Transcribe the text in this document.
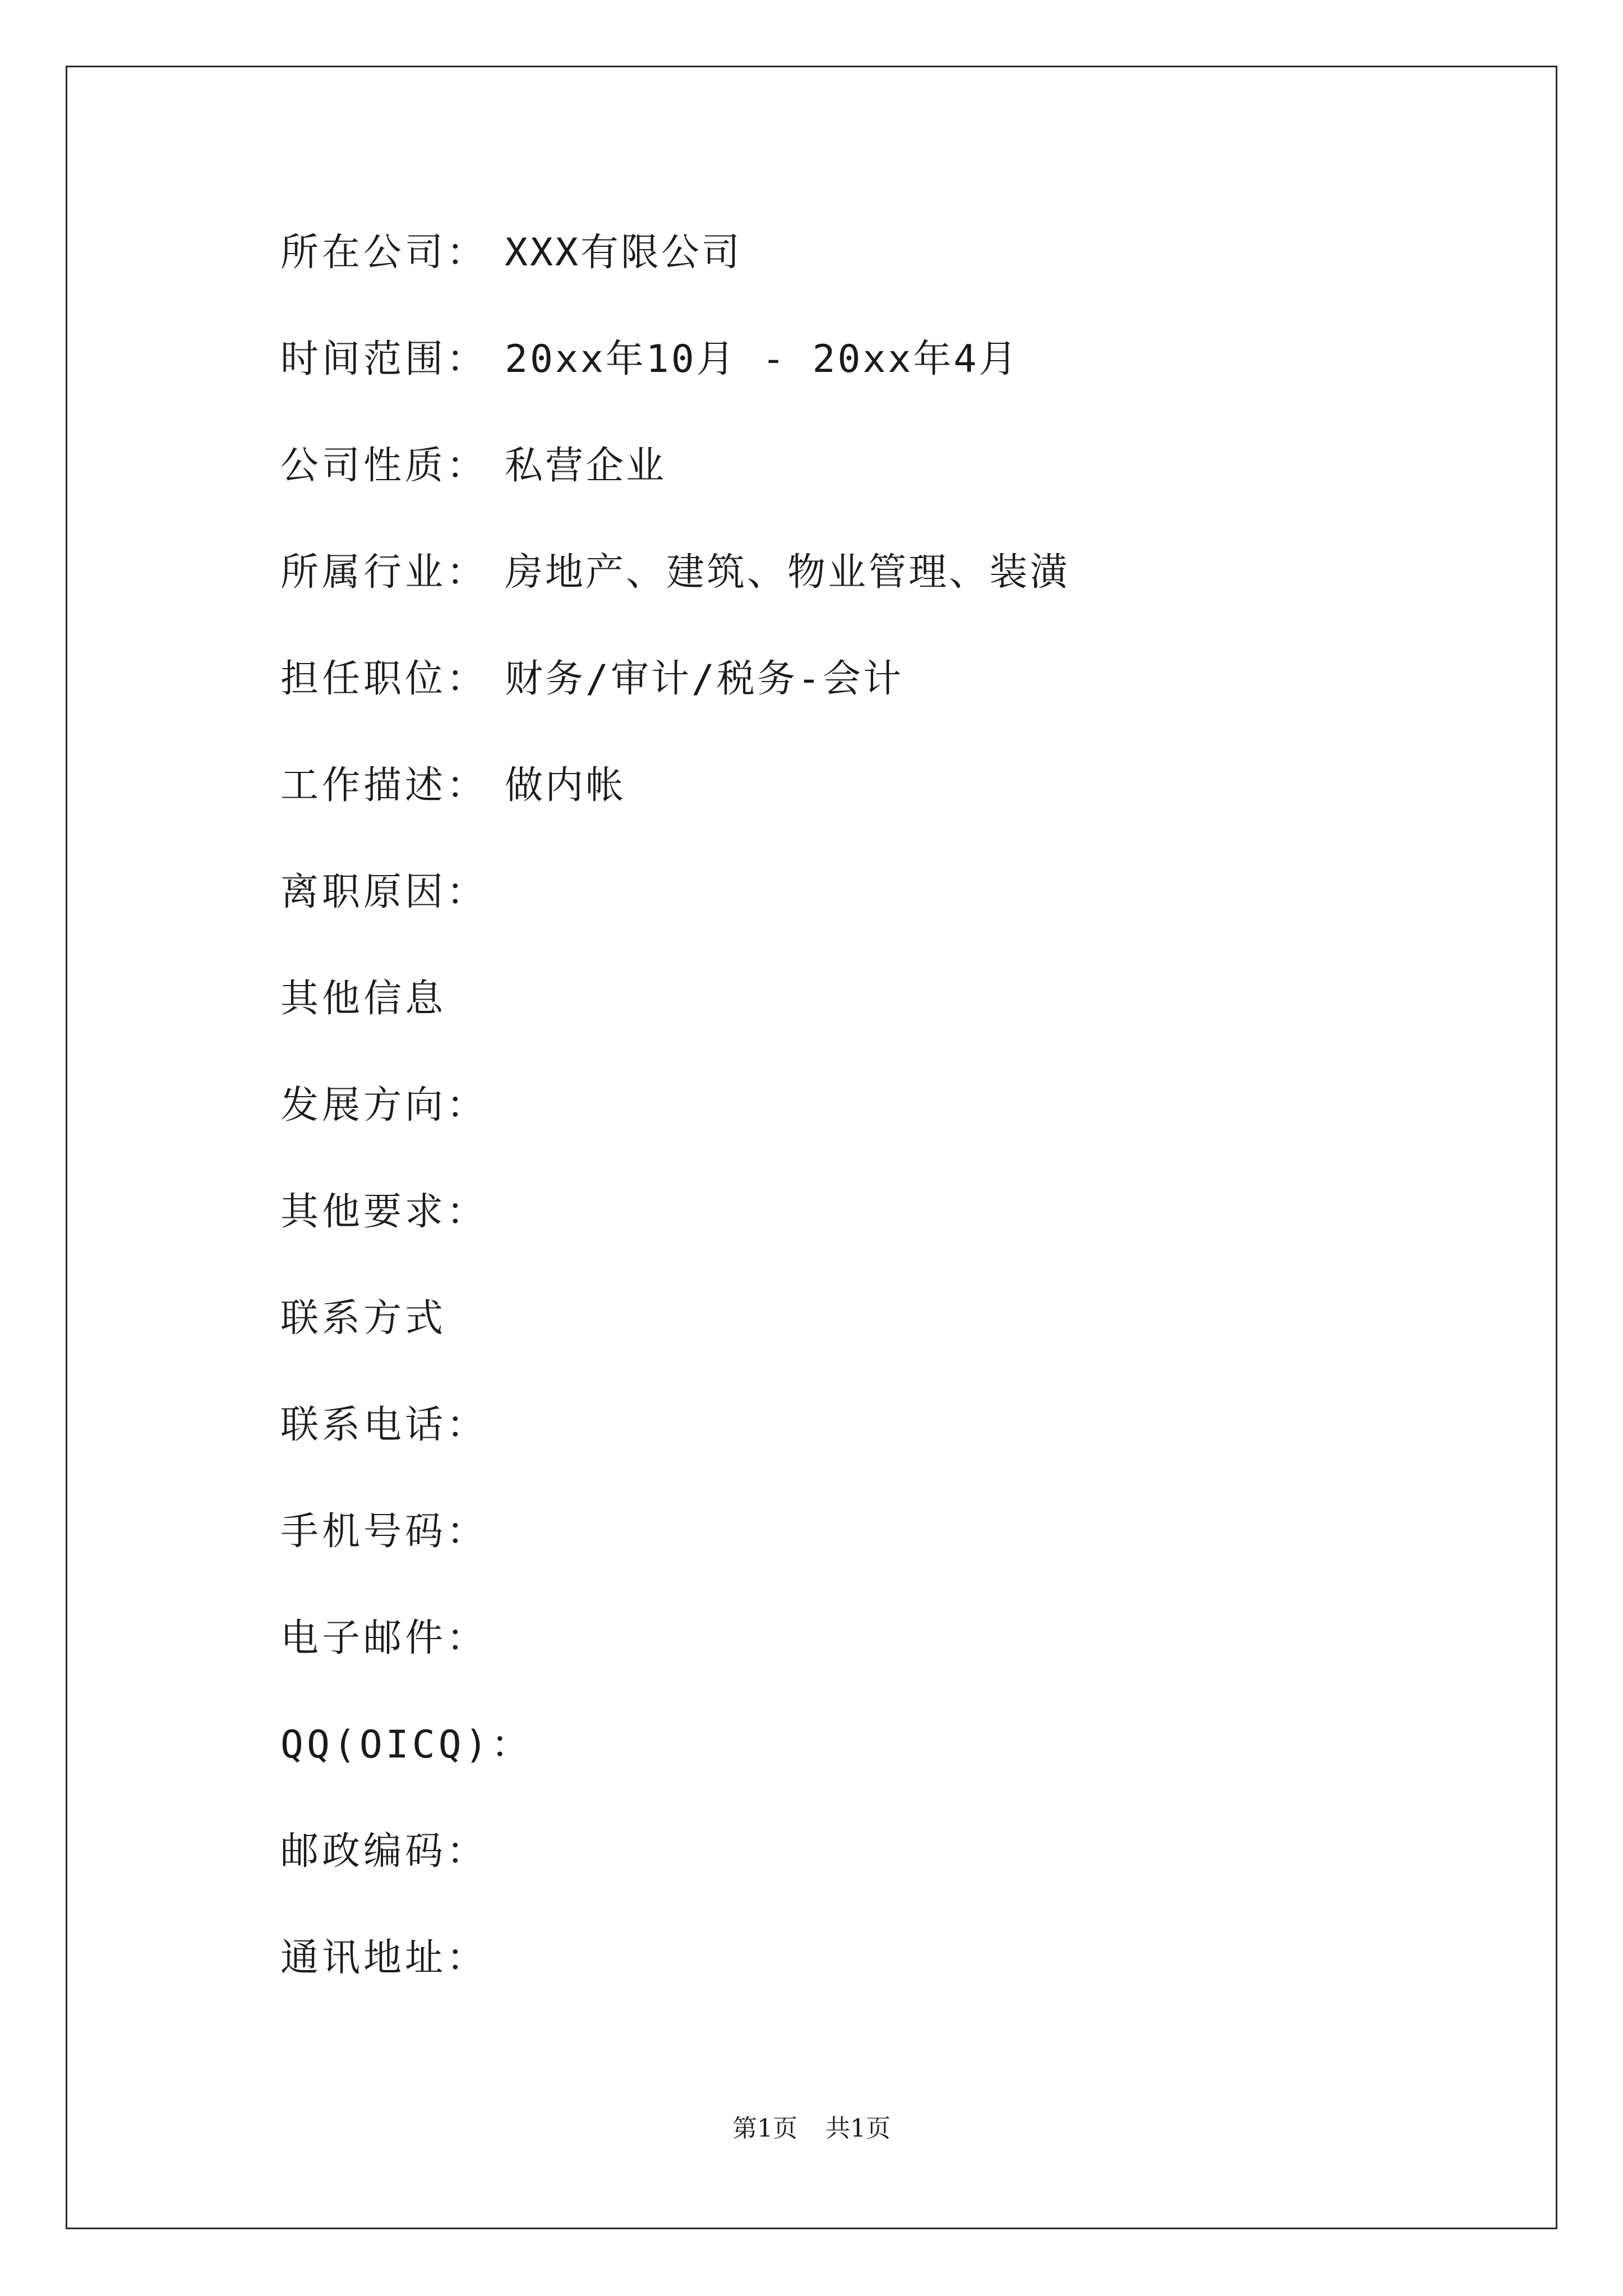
所在公司： XXX有限公司
时间范围： 20xx年10月 - 20xx年4月
公司性质： 私营企业
所属行业： 房地产、建筑、物业管理、装潢
担任职位： 财务/审计/税务-会计
工作描述： 做内帐
离职原因：
其他信息
发展方向：
其他要求：
联系方式
联系电话：
手机号码：
电子邮件：
QQ(OICQ)：
邮政编码：
通讯地址：
第1页 共1页
